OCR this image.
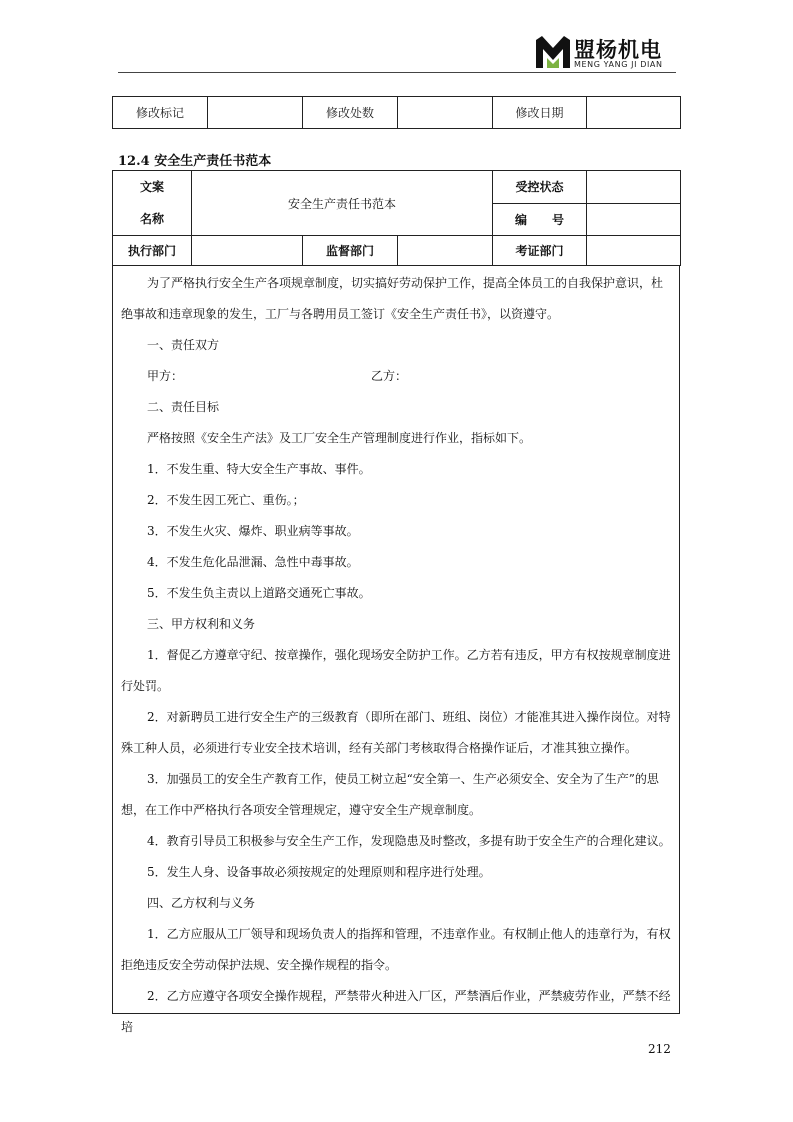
盟杨机电
MENG YANG JI DIAN
修改标记		修改处数		修改日期	
12.4 安全生产责任书范本
文案
名称	安全生产责任书范本			受控状态	
				编      号	
执行部门		监督部门		考证部门	
为了严格执行安全生产各项规章制度，切实搞好劳动保护工作，提高全体员工的自我保护意识，杜绝事故和违章现象的发生，工厂与各聘用员工签订《安全生产责任书》，以资遵守。
一、责任双方
甲方：	乙方：
二、责任目标
严格按照《安全生产法》及工厂安全生产管理制度进行作业，指标如下。
1．不发生重、特大安全生产事故、事件。
2．不发生因工死亡、重伤。；
3．不发生火灾、爆炸、职业病等事故。
4．不发生危化品泄漏、急性中毒事故。
5．不发生负主责以上道路交通死亡事故。
三、甲方权利和义务
1．督促乙方遵章守纪、按章操作，强化现场安全防护工作。乙方若有违反，甲方有权按规章制度进行处罚。
2．对新聘员工进行安全生产的三级教育（即所在部门、班组、岗位）才能准其进入操作岗位。对特殊工种人员，必须进行专业安全技术培训，经有关部门考核取得合格操作证后，才准其独立操作。
3．加强员工的安全生产教育工作，使员工树立起“安全第一、生产必须安全、安全为了生产”的思想，在工作中严格执行各项安全管理规定，遵守安全生产规章制度。
4．教育引导员工积极参与安全生产工作，发现隐患及时整改，多提有助于安全生产的合理化建议。
5．发生人身、设备事故必须按规定的处理原则和程序进行处理。
四、乙方权利与义务
1．乙方应服从工厂领导和现场负责人的指挥和管理，不违章作业。有权制止他人的违章行为，有权拒绝违反安全劳动保护法规、安全操作规程的指令。
2．乙方应遵守各项安全操作规程，严禁带火种进入厂区，严禁酒后作业，严禁疲劳作业，严禁不经培
212
